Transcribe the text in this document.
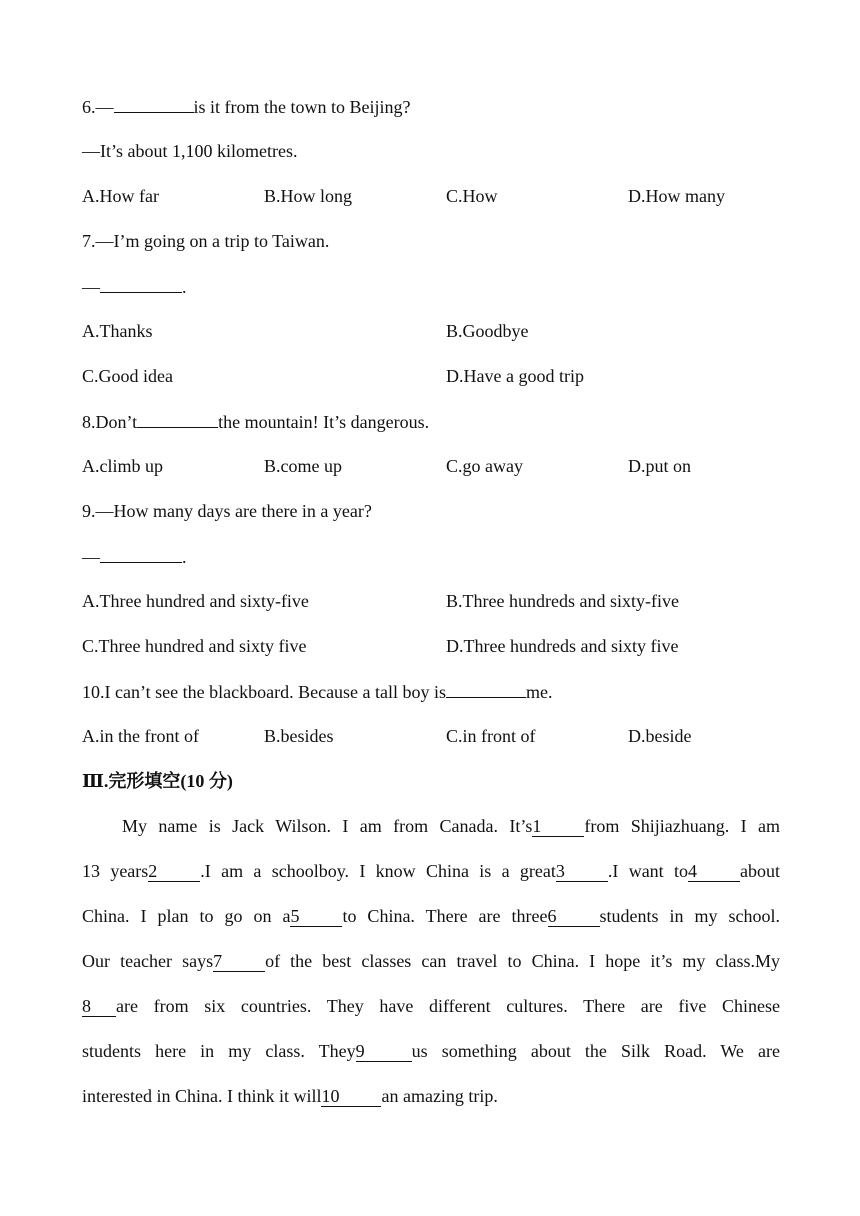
6.—	is it from the town to Beijing?
—It’s about 1,100 kilometres.
A.How far	B.How long	C.How	D.How many
7.—I’m going on a trip to Taiwan.
—	.
A.Thanks	B.Goodbye
C.Good idea	D.Have a good trip
8.Don’t	the mountain! It’s dangerous.
A.climb up	B.come up	C.go away	D.put on
9.—How many days are there in a year?
—	.
A.Three hundred and sixty-five	B.Three hundreds and sixty-five
C.Three hundred and sixty five	D.Three hundreds and sixty five
10.I can’t see the blackboard. Because a tall boy is	me.
A.in the front of	B.besides	C.in front of	D.beside
Ⅲ.完形填空(10 分)
My name is Jack Wilson. I am from Canada. It’s1 from Shijiazhuang. I am
13 years2 .I am a schoolboy. I know China is a great3 .I want to4 about
China. I plan to go on a5 to China. There are three6 students in my school.
Our teacher says7 of the best classes can travel to China. I hope it’s my class.My
8 are from six countries. They have different cultures. There are five Chinese
students here in my class. They9	us something about the Silk Road. We are
interested in China. I think it will10 an amazing trip.
